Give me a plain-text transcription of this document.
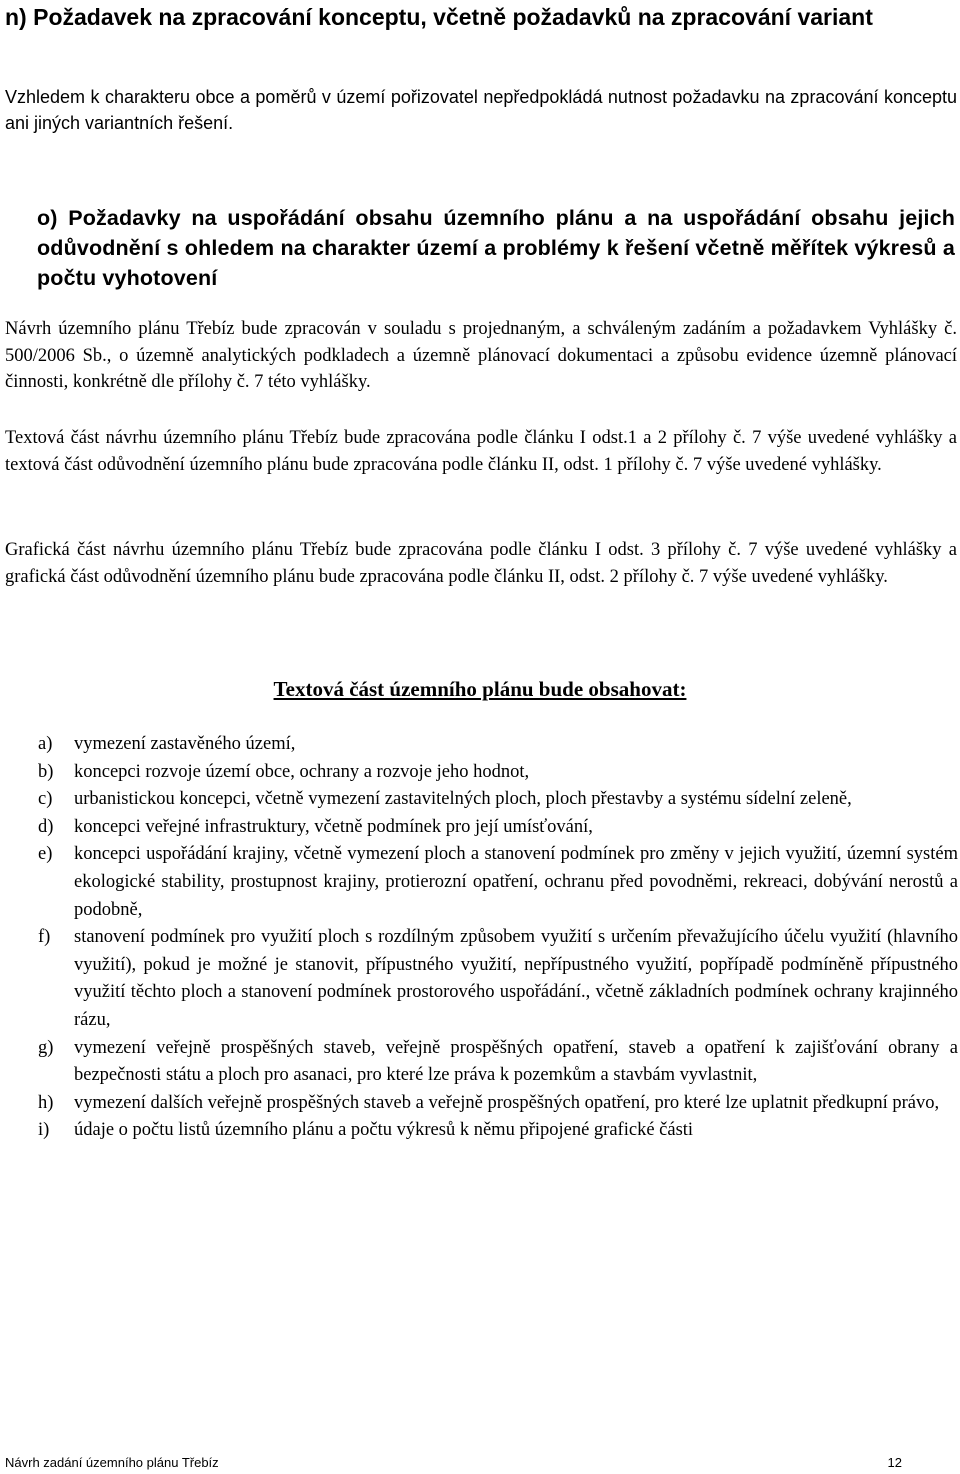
n) Požadavek na zpracování konceptu, včetně požadavků na zpracování variant

Vzhledem k charakteru obce a poměrů v území pořizovatel nepředpokládá nutnost požadavku na zpracování konceptu ani jiných variantních řešení.

o) Požadavky na uspořádání obsahu územního plánu a na uspořádání obsahu jejich odůvodnění s ohledem na charakter území a problémy k řešení včetně měřítek výkresů a počtu vyhotovení

Návrh územního plánu Třebíz bude zpracován v souladu s projednaným, a schváleným zadáním a požadavkem Vyhlášky č. 500/2006 Sb., o územně analytických podkladech a územně plánovací dokumentaci a způsobu evidence územně plánovací činnosti, konkrétně dle přílohy č. 7 této vyhlášky.

Textová část návrhu územního plánu Třebíz bude zpracována podle článku I odst.1 a 2 přílohy č. 7 výše uvedené vyhlášky a textová část odůvodnění územního plánu bude zpracována podle článku II, odst. 1 přílohy č. 7 výše uvedené vyhlášky.

Grafická část návrhu územního plánu Třebíz bude zpracována podle článku I odst. 3 přílohy č. 7 výše uvedené vyhlášky a grafická část odůvodnění územního plánu bude zpracována podle článku II, odst. 2 přílohy č. 7 výše uvedené vyhlášky.

Textová část územního plánu bude obsahovat:
a) vymezení zastavěného území,
b) koncepci rozvoje území obce, ochrany a rozvoje jeho hodnot,
c) urbanistickou koncepci, včetně vymezení zastavitelných ploch, ploch přestavby a systému sídelní zeleně,
d) koncepci veřejné infrastruktury, včetně podmínek pro její umísťování,
e) koncepci uspořádání krajiny, včetně vymezení ploch a stanovení podmínek pro změny v jejich využití, územní systém ekologické stability, prostupnost krajiny, protierozní opatření, ochranu před povodněmi, rekreaci, dobývání nerostů a podobně,
f) stanovení podmínek pro využití ploch s rozdílným způsobem využití s určením převažujícího účelu využití (hlavního využití), pokud je možné je stanovit, přípustného využití, nepřípustného využití, popřípadě podmíněně přípustného využití těchto ploch a stanovení podmínek prostorového uspořádání., včetně základních podmínek ochrany krajinného rázu,
g) vymezení veřejně prospěšných staveb, veřejně prospěšných opatření, staveb a opatření k zajišťování obrany a bezpečnosti státu a ploch pro asanaci, pro které lze práva k pozemkům a stavbám vyvlastnit,
h) vymezení dalších veřejně prospěšných staveb a veřejně prospěšných opatření, pro které lze uplatnit předkupní právo,
i) údaje o počtu listů územního plánu a počtu výkresů k němu připojené grafické části
Návrh zadání územního plánu Třebíz	12
